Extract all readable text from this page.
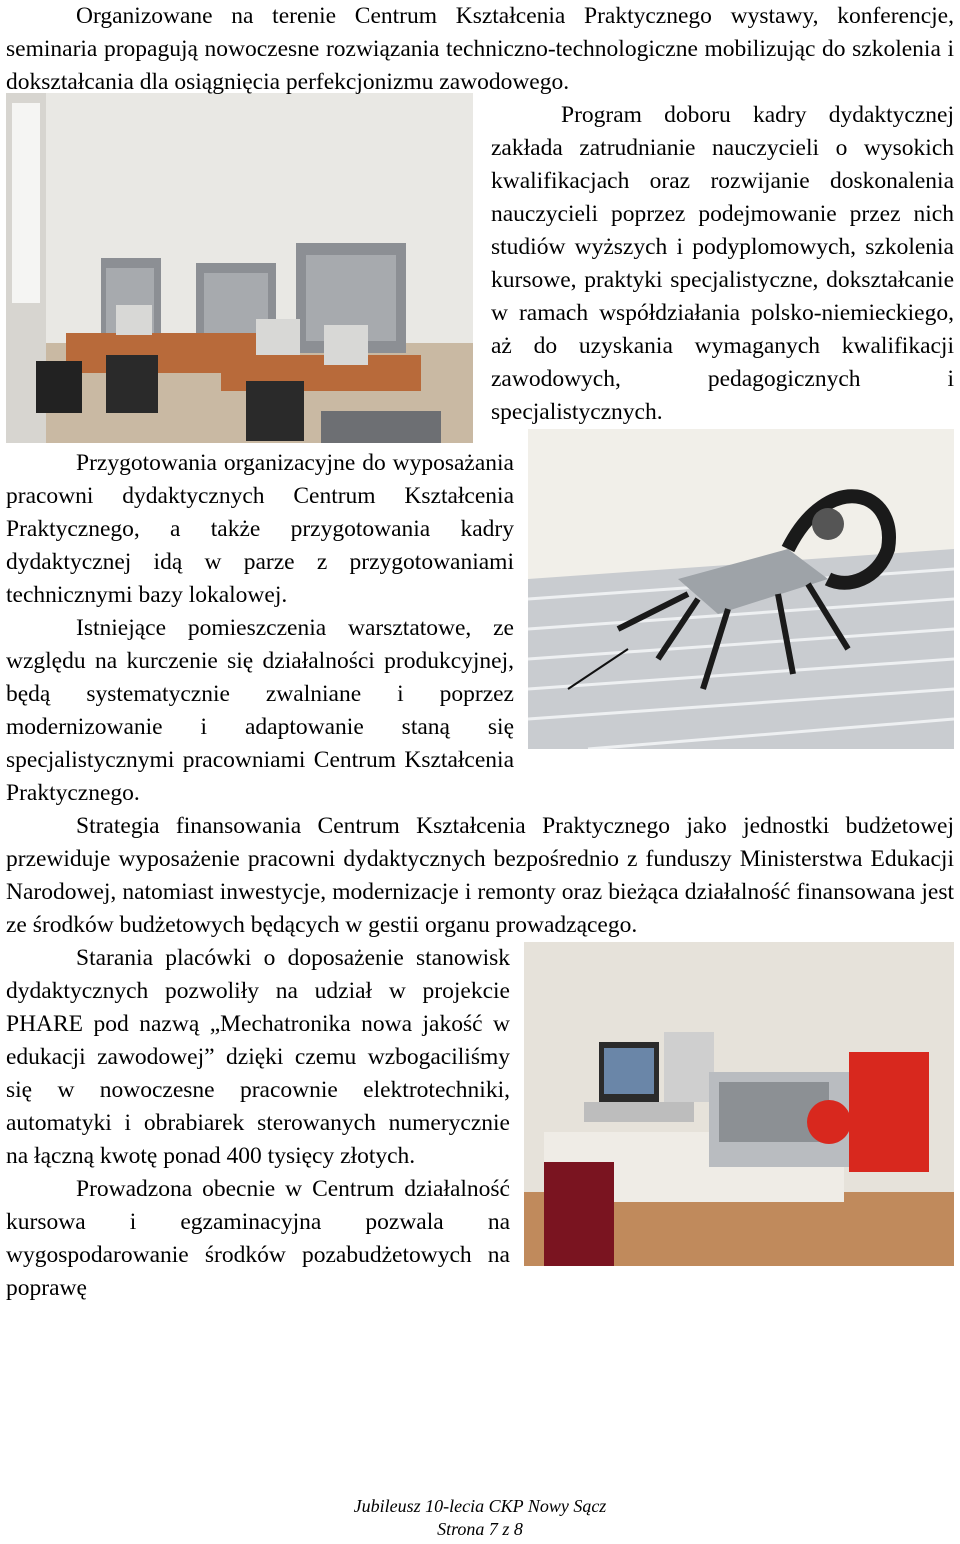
Organizowane na terenie Centrum Kształcenia Praktycznego wystawy, konferencje, seminaria propagują nowoczesne rozwiązania techniczno-technologiczne mobilizując do szkolenia i dokształcania dla osiągnięcia perfekcjonizmu zawodowego.

Program doboru kadry dydaktycznej zakłada zatrudnianie nauczycieli o wysokich kwalifikacjach oraz rozwijanie doskonalenia nauczycieli poprzez podejmowanie przez nich studiów wyższych i podyplomowych, szkolenia kursowe, praktyki specjalistyczne, dokształcanie w ramach współdziałania polsko-niemieckiego, aż do uzyskania wymaganych kwalifikacji zawodowych, pedagogicznych i specjalistycznych.

Przygotowania organizacyjne do wyposażania pracowni dydaktycznych Centrum Kształcenia Praktycznego, a także przygotowania kadry dydaktycznej idą w parze z przygotowaniami technicznymi bazy lokalowej.

Istniejące pomieszczenia warsztatowe, ze względu na kurczenie się działalności produkcyjnej, będą systematycznie zwalniane i poprzez modernizowanie i adaptowanie staną się specjalistycznymi pracowniami Centrum Kształcenia Praktycznego.

Strategia finansowania Centrum Kształcenia Praktycznego jako jednostki budżetowej przewiduje wyposażenie pracowni dydaktycznych bezpośrednio z funduszy Ministerstwa Edukacji Narodowej, natomiast inwestycje, modernizacje i remonty oraz bieżąca działalność finansowana jest ze środków budżetowych będących w gestii organu prowadzącego.

Starania placówki o doposażenie stanowisk dydaktycznych pozwoliły na udział w projekcie PHARE pod nazwą „Mechatronika nowa jakość w edukacji zawodowej” dzięki czemu wzbogaciliśmy się w nowoczesne pracownie elektrotechniki, automatyki i obrabiarek sterowanych numerycznie na łączną kwotę ponad 400 tysięcy złotych.

Prowadzona obecnie w Centrum działalność kursowa i egzaminacyjna pozwala na wygospodarowanie środków pozabudżetowych na poprawę

Jubileusz 10-lecia CKP Nowy Sącz
Strona 7 z 8
